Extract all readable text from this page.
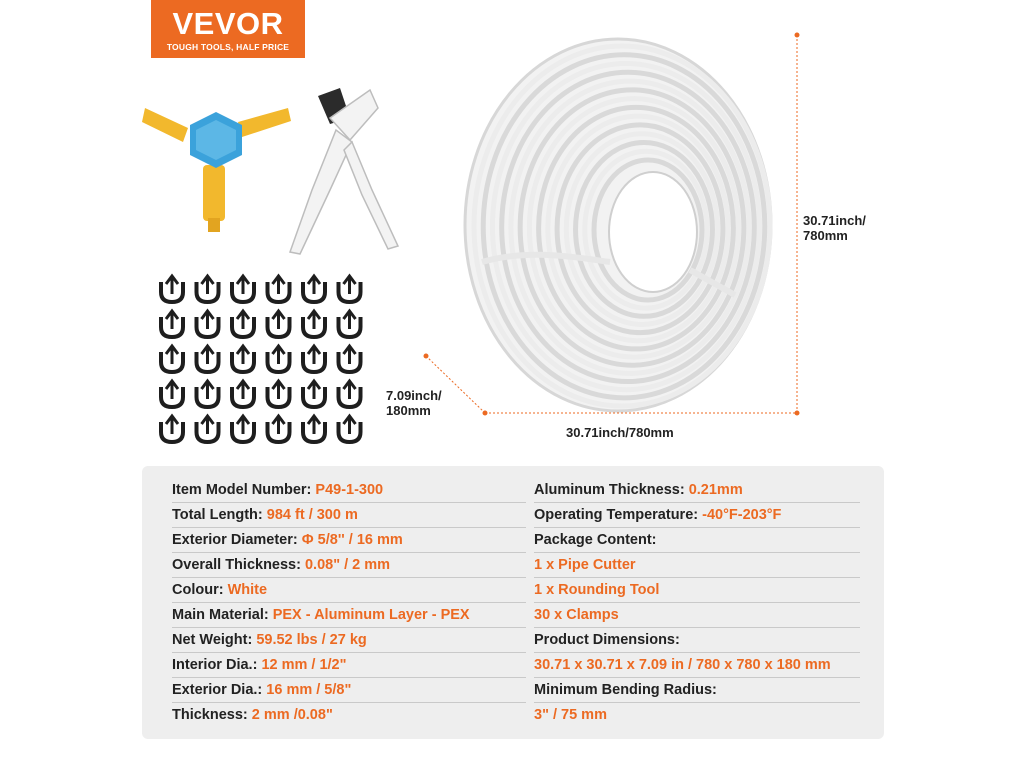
VEVOR
TOUGH TOOLS, HALF PRICE
30.71inch/
780mm
7.09inch/
180mm
30.71inch/780mm
Item Model Number: P49-1-300
Total Length: 984 ft / 300 m
Exterior Diameter: Φ 5/8'' / 16 mm
Overall Thickness: 0.08" / 2 mm
Colour: White
Main Material: PEX - Aluminum Layer - PEX
Net Weight: 59.52 lbs / 27 kg
Interior Dia.: 12 mm / 1/2"
Exterior Dia.: 16 mm / 5/8"
Thickness: 2 mm /0.08"
Aluminum Thickness: 0.21mm
Operating Temperature: -40°F-203°F
Package Content:
1 x Pipe Cutter
1 x Rounding Tool
30 x Clamps
Product Dimensions:
30.71 x 30.71 x 7.09 in / 780 x 780 x 180 mm
Minimum Bending Radius:
3" / 75 mm
